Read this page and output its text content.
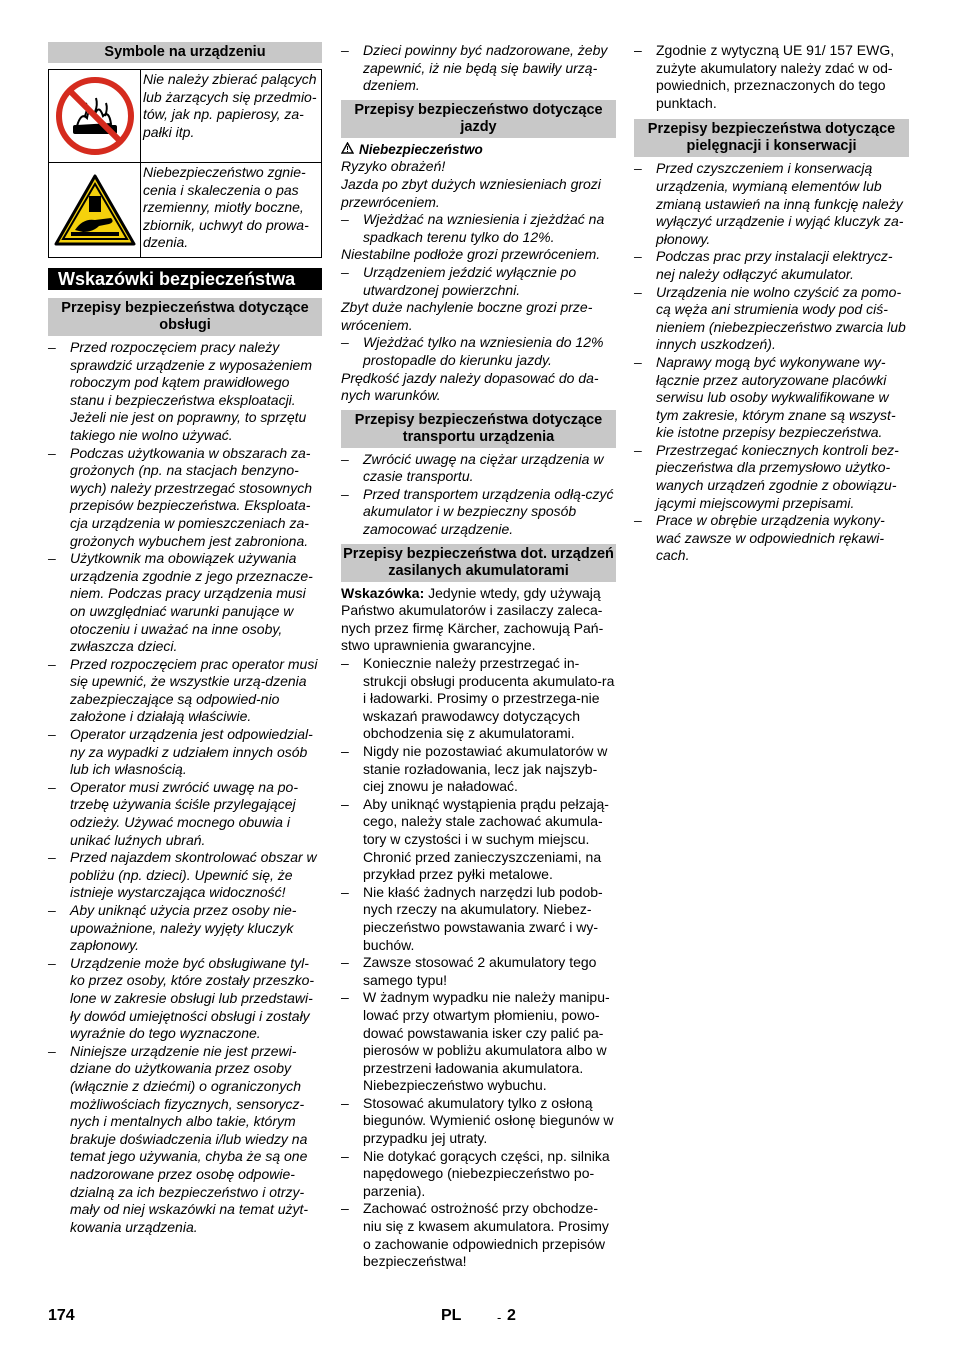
Symbole na urządzeniu
Nie należy zbierać palących lub żarzących się przedmio-tów, jak np. papierosy, za-pałki itp.
Niebezpieczeństwo zgnie-cenia i skaleczenia o pas rzemienny, miotły boczne, zbiornik, uchwyt do prowa-dzenia.
Wskazówki bezpieczeństwa
Przepisy bezpieczeństwa dotyczące obsługi
–	Przed rozpoczęciem pracy należy sprawdzić urządzenie z wyposażeniem roboczym pod kątem prawidłowego stanu i bezpieczeństwa eksploatacji. Jeżeli nie jest on poprawny, to sprzętu takiego nie wolno używać.
–	Podczas użytkowania w obszarach za-grożonych (np. na stacjach benzyno-wych) należy przestrzegać stosownych przepisów bezpieczeństwa. Eksploata-cja urządzenia w pomieszczeniach za-grożonych wybuchem jest zabroniona.
–	Użytkownik ma obowiązek używania urządzenia zgodnie z jego przeznacze-niem. Podczas pracy urządzenia musi on uwzględniać warunki panujące w otoczeniu i uważać na inne osoby, zwłaszcza dzieci.
–	Przed rozpoczęciem prac operator musi się upewnić, że wszystkie urzą-dzenia zabezpieczające są odpowied-nio założone i działają właściwie.
–	Operator urządzenia jest odpowiedzial-ny za wypadki z udziałem innych osób lub ich własnością.
–	Operator musi zwrócić uwagę na po-trzebę używania ściśle przylegającej odzieży. Używać mocnego obuwia i unikać luźnych ubrań.
–	Przed najazdem skontrolować obszar w pobliżu (np. dzieci). Upewnić się, że istnieje wystarczająca widoczność!
–	Aby uniknąć użycia przez osoby nie-upoważnione, należy wyjęty kluczyk zapłonowy.
–	Urządzenie może być obsługiwane tyl-ko przez osoby, które zostały przeszko-lone w zakresie obsługi lub przedstawi-ły dowód umiejętności obsługi i zostały wyraźnie do tego wyznaczone.
–	Niniejsze urządzenie nie jest przewi-dziane do użytkowania przez osoby (włącznie z dziećmi) o ograniczonych możliwościach fizycznych, sensorycz-nych i mentalnych albo takie, którym brakuje doświadczenia i/lub wiedzy na temat jego używania, chyba że są one nadzorowane przez osobę odpowie-dzialną za ich bezpieczeństwo i otrzy-mały od niej wskazówki na temat użyt-kowania urządzenia.
–	Dzieci powinny być nadzorowane, żeby zapewnić, iż nie będą się bawiły urzą-dzeniem.
Przepisy bezpieczeństwo dotyczące jazdy
Niebezpieczeństwo

Ryzyko obrażeń!

Jazda po zbyt dużych wzniesieniach grozi przewróceniem.

–	Wjeżdżać na wzniesienia i zjeżdżać na spadkach terenu tylko do 12%.

Niestabilne podłoże grozi przewróceniem.

–	Urządzeniem jeździć wyłącznie po utwardzonej powierzchni.

Zbyt duże nachylenie boczne grozi prze-wróceniem.

–	Wjeżdżać tylko na wzniesienia do 12% prostopadle do kierunku jazdy.

Prędkość jazdy należy dopasować do da-nych warunków.

Przepisy bezpieczeństwa dotyczące transportu urządzenia
–	Zwrócić uwagę na ciężar urządzenia w czasie transportu.
–	Przed transportem urządzenia odłą-czyć akumulator i w bezpieczny sposób zamocować urządzenie.
Przepisy bezpieczeństwa dot. urządzeń zasilanych akumulatorami

Wskazówka: Jedynie wtedy, gdy używają Państwo akumulatorów i zasilaczy zaleca-nych przez firmę Kärcher, zachowują Pań-stwo uprawnienia gwarancyjne.

–	Koniecznie należy przestrzegać in-strukcji obsługi producenta akumulato-ra i ładowarki. Prosimy o przestrzega-nie wskazań prawodawcy dotyczących obchodzenia się z akumulatorami.
–	Nigdy nie pozostawiać akumulatorów w stanie rozładowania, lecz jak najszyb-ciej znowu je naładować.
–	Aby uniknąć wystąpienia prądu pełzają-cego, należy stale zachować akumula-tory w czystości i w suchym miejscu. Chronić przed zanieczyszczeniami, na przykład przez pyłki metalowe.
–	Nie kłaść żadnych narzędzi lub podob-nych rzeczy na akumulatory. Niebez-pieczeństwo powstawania zwarć i wy-buchów.
–	Zawsze stosować 2 akumulatory tego samego typu!
–	W żadnym wypadku nie należy manipu-lować przy otwartym płomieniu, powo-dować powstawania isker czy palić pa-pierosów w pobliżu akumulatora albo w przestrzeni ładowania akumulatora. Niebezpieczeństwo wybuchu.
–	Stosować akumulatory tylko z osłoną biegunów. Wymienić osłonę biegunów w przypadku jej utraty.
–	Nie dotykać gorących części, np. silnika napędowego (niebezpieczeństwo po-parzenia).
–	Zachować ostrożność przy obchodze-niu się z kwasem akumulatora. Prosimy o zachowanie odpowiednich przepisów bezpieczeństwa!
–	Zgodnie z wytyczną UE 91/ 157 EWG, zużyte akumulatory należy zdać w od-powiednich, przeznaczonych do tego punktach.
Przepisy bezpieczeństwa dotyczące pielęgnacji i konserwacji
–	Przed czyszczeniem i konserwacją urządzenia, wymianą elementów lub zmianą ustawień na inną funkcję należy wyłączyć urządzenie i wyjąć kluczyk za-płonowy.
–	Podczas prac przy instalacji elektrycz-nej należy odłączyć akumulator.
–	Urządzenia nie wolno czyścić za pomo-cą węża ani strumienia wody pod ciś-nieniem (niebezpieczeństwo zwarcia lub innych uszkodzeń).
–	Naprawy mogą być wykonywane wy-łącznie przez autoryzowane placówki serwisu lub osoby wykwalifikowane w tym zakresie, którym znane są wszyst-kie istotne przepisy bezpieczeństwa.
–	Przestrzegać koniecznych kontroli bez-pieczeństwa dla przemysłowo użytko-wanych urządzeń zgodnie z obowiązu-jącymi miejscowymi przepisami.
–	Prace w obrębie urządzenia wykony-wać zawsze w odpowiednich rękawi-cach.
174	PL	- 2
